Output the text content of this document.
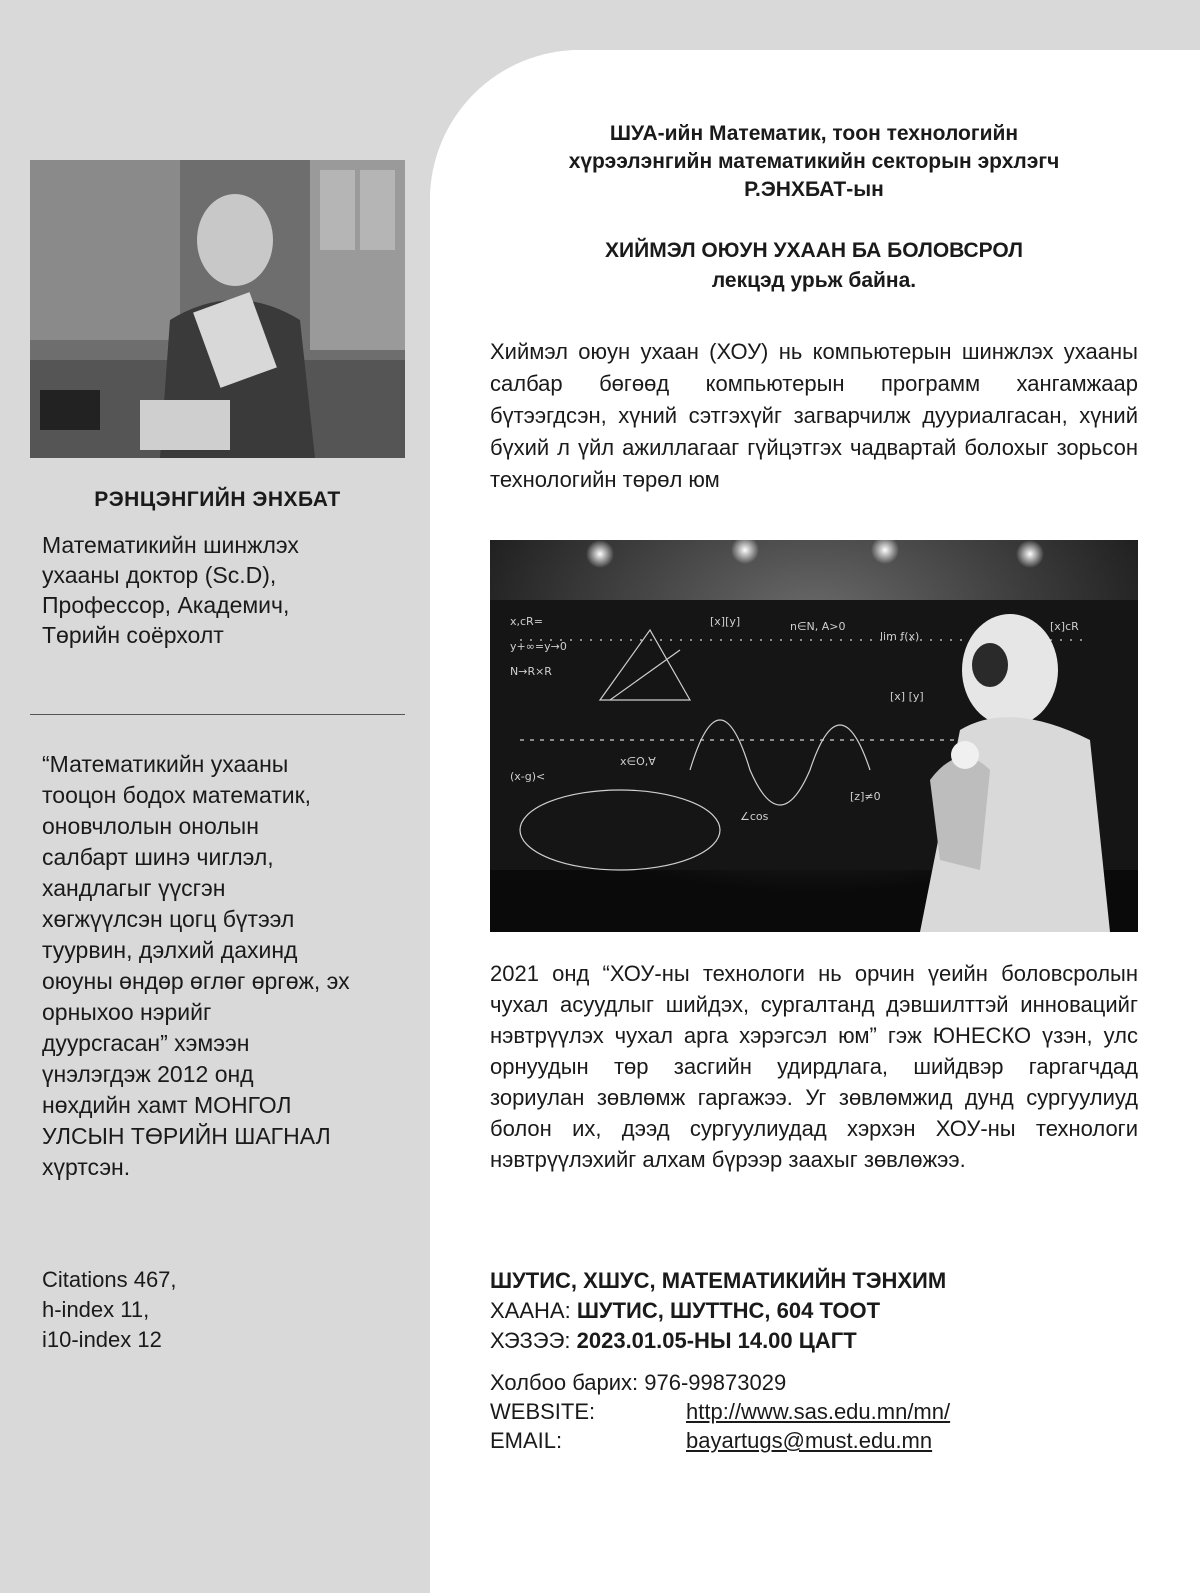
РЭНЦЭНГИЙН ЭНХБАТ
Математикийн шинжлэх
ухааны доктор (Sc.D),
Профессор, Академич,
Төрийн соёрхолт
“Математикийн ухааны
тооцон бодох математик,
оновчлолын онолын
салбарт шинэ чиглэл,
хандлагыг үүсгэн
хөгжүүлсэн цогц бүтээл
туурвин, дэлхий дахинд
оюуны өндөр өглөг өргөж, эх
орныхоо нэрийг
дуурсгасан” хэмээн
үнэлэгдэж 2012 онд
нөхдийн хамт МОНГОЛ
УЛСЫН ТӨРИЙН ШАГНАЛ
хүртсэн.
Citations 467,
h-index 11,
i10-index 12
ШУА-ийн Математик, тоон технологийн
хүрээлэнгийн математикийн секторын эрхлэгч
Р.ЭНХБАТ-ын
ХИЙМЭЛ ОЮУН УХААН БА БОЛОВСРОЛ
лекцэд урьж байна.
Хиймэл оюун ухаан (ХОУ) нь компьютерын шинжлэх ухааны салбар бөгөөд компьютерын программ хангамжаар бүтээгдсэн, хүний сэтгэхүйг загварчилж дууриалгасан, хүний бүхий л үйл ажиллагааг гүйцэтгэх чадвартай болохыг зорьсон технологийн төрөл юм
x,cR=
y+∞=y→0
N→R×R
[x][y]	n∈N, A>0
lim f(x)
[x] [y]
(x-g)<
x∈O,∀
[z]≠0
∠cos
[x]cR
2021 онд “ХОУ-ны технологи нь орчин үеийн боловсролын чухал асуудлыг шийдэх, сургалтанд дэвшилттэй инновацийг нэвтрүүлэх чухал арга хэрэгсэл юм” гэж ЮНЕСКО үзэн, улс орнуудын төр засгийн удирдлага, шийдвэр гаргагчдад зориулан зөвлөмж гаргажээ. Уг зөвлөмжид дунд сургуулиуд болон их, дээд сургуулиудад хэрхэн ХОУ-ны технологи нэвтрүүлэхийг алхам бүрээр заахыг зөвлөжээ.
ШУТИС, ХШУС, МАТЕМАТИКИЙН ТЭНХИМ
ХААНА: ШУТИС, ШУТТНС, 604 ТООТ
ХЭЗЭЭ: 2023.01.05-НЫ 14.00 ЦАГТ
Холбоо барих: 976-99873029
WEBSITE:	http://www.sas.edu.mn/mn/
EMAIL:	bayartugs@must.edu.mn
